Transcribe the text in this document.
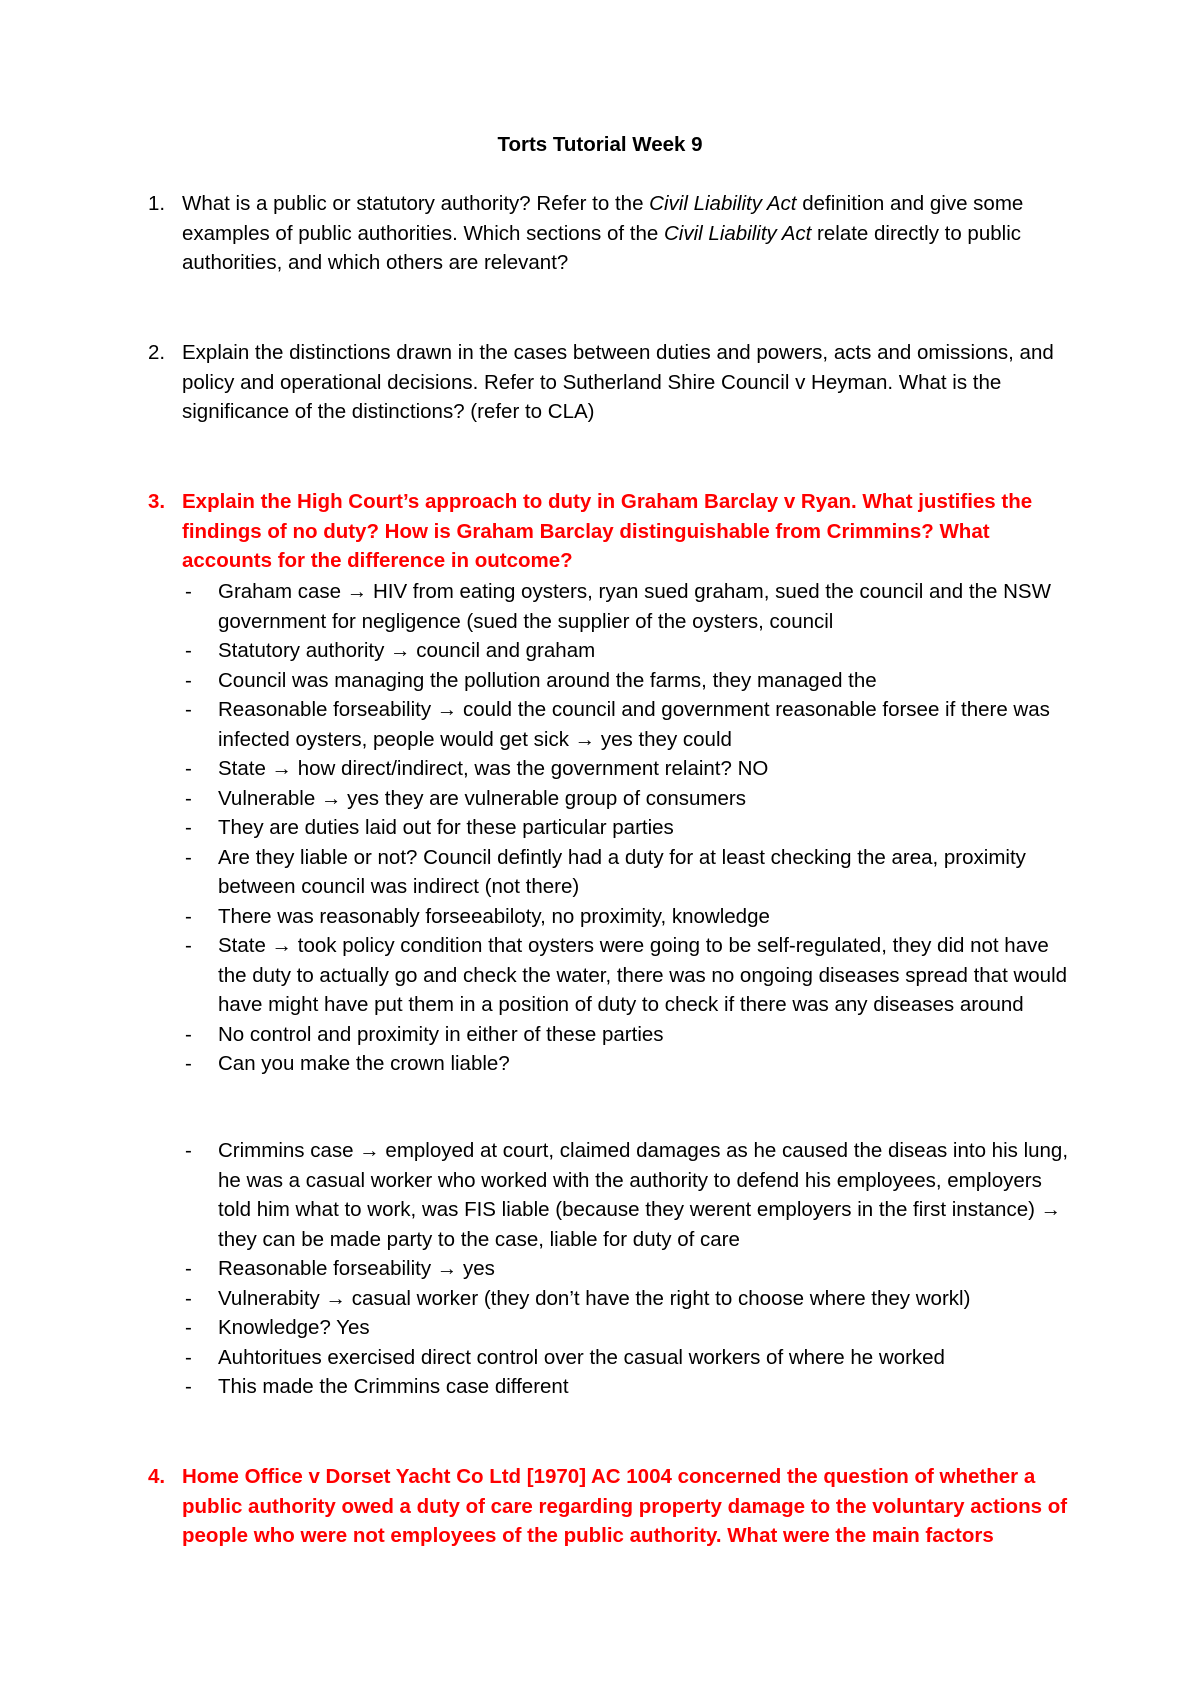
Torts Tutorial Week 9
1. What is a public or statutory authority? Refer to the Civil Liability Act definition and give some examples of public authorities. Which sections of the Civil Liability Act relate directly to public authorities, and which others are relevant?
2. Explain the distinctions drawn in the cases between duties and powers, acts and omissions, and policy and operational decisions. Refer to Sutherland Shire Council v Heyman. What is the significance of the distinctions? (refer to CLA)
3. Explain the High Court’s approach to duty in Graham Barclay v Ryan. What justifies the findings of no duty? How is Graham Barclay distinguishable from Crimmins? What accounts for the difference in outcome?
- Graham case → HIV from eating oysters, ryan sued graham, sued the council and the NSW government for negligence (sued the supplier of the oysters, council
- Statutory authority → council and graham
- Council was managing the pollution around the farms, they managed the
- Reasonable forseability → could the council and government reasonable forsee if there was infected oysters, people would get sick → yes they could
- State → how direct/indirect, was the government relaint? NO
- Vulnerable → yes they are vulnerable group of consumers
- They are duties laid out for these particular parties
- Are they liable or not? Council defintly had a duty for at least checking the area, proximity between council was indirect (not there)
- There was reasonably forseeabiloty, no proximity, knowledge
- State → took policy condition that oysters were going to be self-regulated, they did not have the duty to actually go and check the water, there was no ongoing diseases spread that would have might have put them in a position of duty to check if there was any diseases around
- No control and proximity in either of these parties
- Can you make the crown liable?
- Crimmins case → employed at court, claimed damages as he caused the diseas into his lung, he was a casual worker who worked with the authority to defend his employees, employers told him what to work, was FIS liable (because they werent employers in the first instance) → they can be made party to the case, liable for duty of care
- Reasonable forseability → yes
- Vulnerabity → casual worker (they don’t have the right to choose where they workl)
- Knowledge? Yes
- Auhtoritues exercised direct control over the casual workers of where he worked
- This made the Crimmins case different
4. Home Office v Dorset Yacht Co Ltd [1970] AC 1004 concerned the question of whether a public authority owed a duty of care regarding property damage to the voluntary actions of people who were not employees of the public authority. What were the main factors
